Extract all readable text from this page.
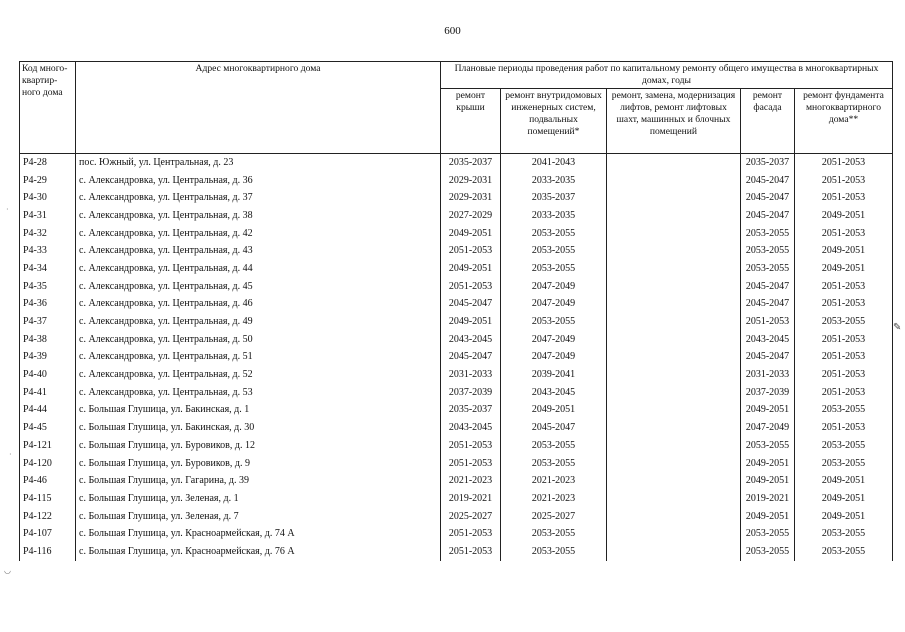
600
Код много-квартир-ного дома	Адрес многоквартирного дома	Плановые периоды проведения работ по капитальному ремонту общего имущества в многоквартирных домах, годы				
		ремонт крыши	ремонт внутридомовых инженерных систем, подвальных помещений*	ремонт, замена, модернизация лифтов, ремонт лифтовых шахт, машинных и блочных помещений	ремонт фасада	ремонт фундамента многоквартирного дома**
Р4-28	пос. Южный, ул. Центральная, д. 23	2035-2037	2041-2043		2035-2037	2051-2053
Р4-29	с. Александровка, ул. Центральная, д. 36	2029-2031	2033-2035		2045-2047	2051-2053
Р4-30	с. Александровка, ул. Центральная, д. 37	2029-2031	2035-2037		2045-2047	2051-2053
Р4-31	с. Александровка, ул. Центральная, д. 38	2027-2029	2033-2035		2045-2047	2049-2051
Р4-32	с. Александровка, ул. Центральная, д. 42	2049-2051	2053-2055		2053-2055	2051-2053
Р4-33	с. Александровка, ул. Центральная, д. 43	2051-2053	2053-2055		2053-2055	2049-2051
Р4-34	с. Александровка, ул. Центральная, д. 44	2049-2051	2053-2055		2053-2055	2049-2051
Р4-35	с. Александровка, ул. Центральная, д. 45	2051-2053	2047-2049		2045-2047	2051-2053
Р4-36	с. Александровка, ул. Центральная, д. 46	2045-2047	2047-2049		2045-2047	2051-2053
Р4-37	с. Александровка, ул. Центральная, д. 49	2049-2051	2053-2055		2051-2053	2053-2055
Р4-38	с. Александровка, ул. Центральная, д. 50	2043-2045	2047-2049		2043-2045	2051-2053
Р4-39	с. Александровка, ул. Центральная, д. 51	2045-2047	2047-2049		2045-2047	2051-2053
Р4-40	с. Александровка, ул. Центральная, д. 52	2031-2033	2039-2041		2031-2033	2051-2053
Р4-41	с. Александровка, ул. Центральная, д. 53	2037-2039	2043-2045		2037-2039	2051-2053
Р4-44	с. Большая Глушица, ул. Бакинская, д. 1	2035-2037	2049-2051		2049-2051	2053-2055
Р4-45	с. Большая Глушица, ул. Бакинская, д. 30	2043-2045	2045-2047		2047-2049	2051-2053
Р4-121	с. Большая Глушица, ул. Буровиков, д. 12	2051-2053	2053-2055		2053-2055	2053-2055
Р4-120	с. Большая Глушица, ул. Буровиков, д. 9	2051-2053	2053-2055		2049-2051	2053-2055
Р4-46	с. Большая Глушица, ул. Гагарина, д. 39	2021-2023	2021-2023		2049-2051	2049-2051
Р4-115	с. Большая Глушица, ул. Зеленая, д. 1	2019-2021	2021-2023		2019-2021	2049-2051
Р4-122	с. Большая Глушица, ул. Зеленая, д. 7	2025-2027	2025-2027		2049-2051	2049-2051
Р4-107	с. Большая Глушица, ул. Красноармейская, д. 74 А	2051-2053	2053-2055		2053-2055	2053-2055
Р4-116	с. Большая Глушица, ул. Красноармейская, д. 76 А	2051-2053	2053-2055		2053-2055	2053-2055
·
·
◡
✎
